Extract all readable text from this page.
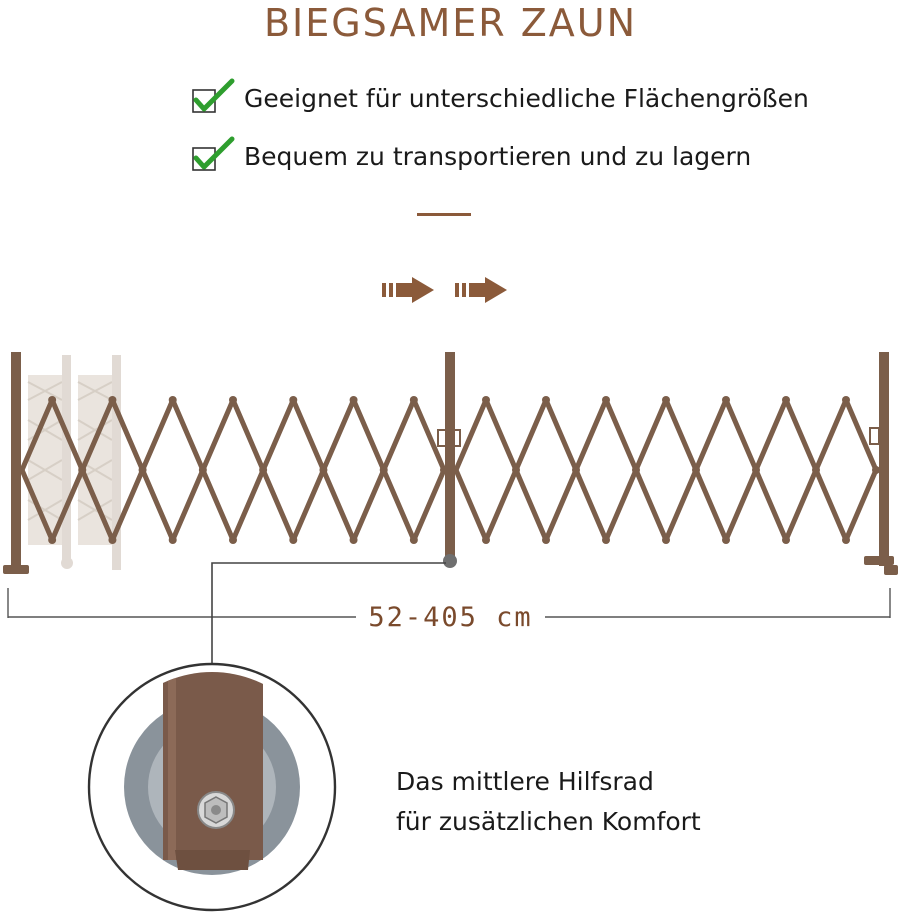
BIEGSAMER ZAUN
Geeignet für unterschiedliche Flächengrößen
Bequem zu transportieren und zu lagern
52-405 cm
Das mittlere Hilfsrad
für zusätzlichen Komfort
